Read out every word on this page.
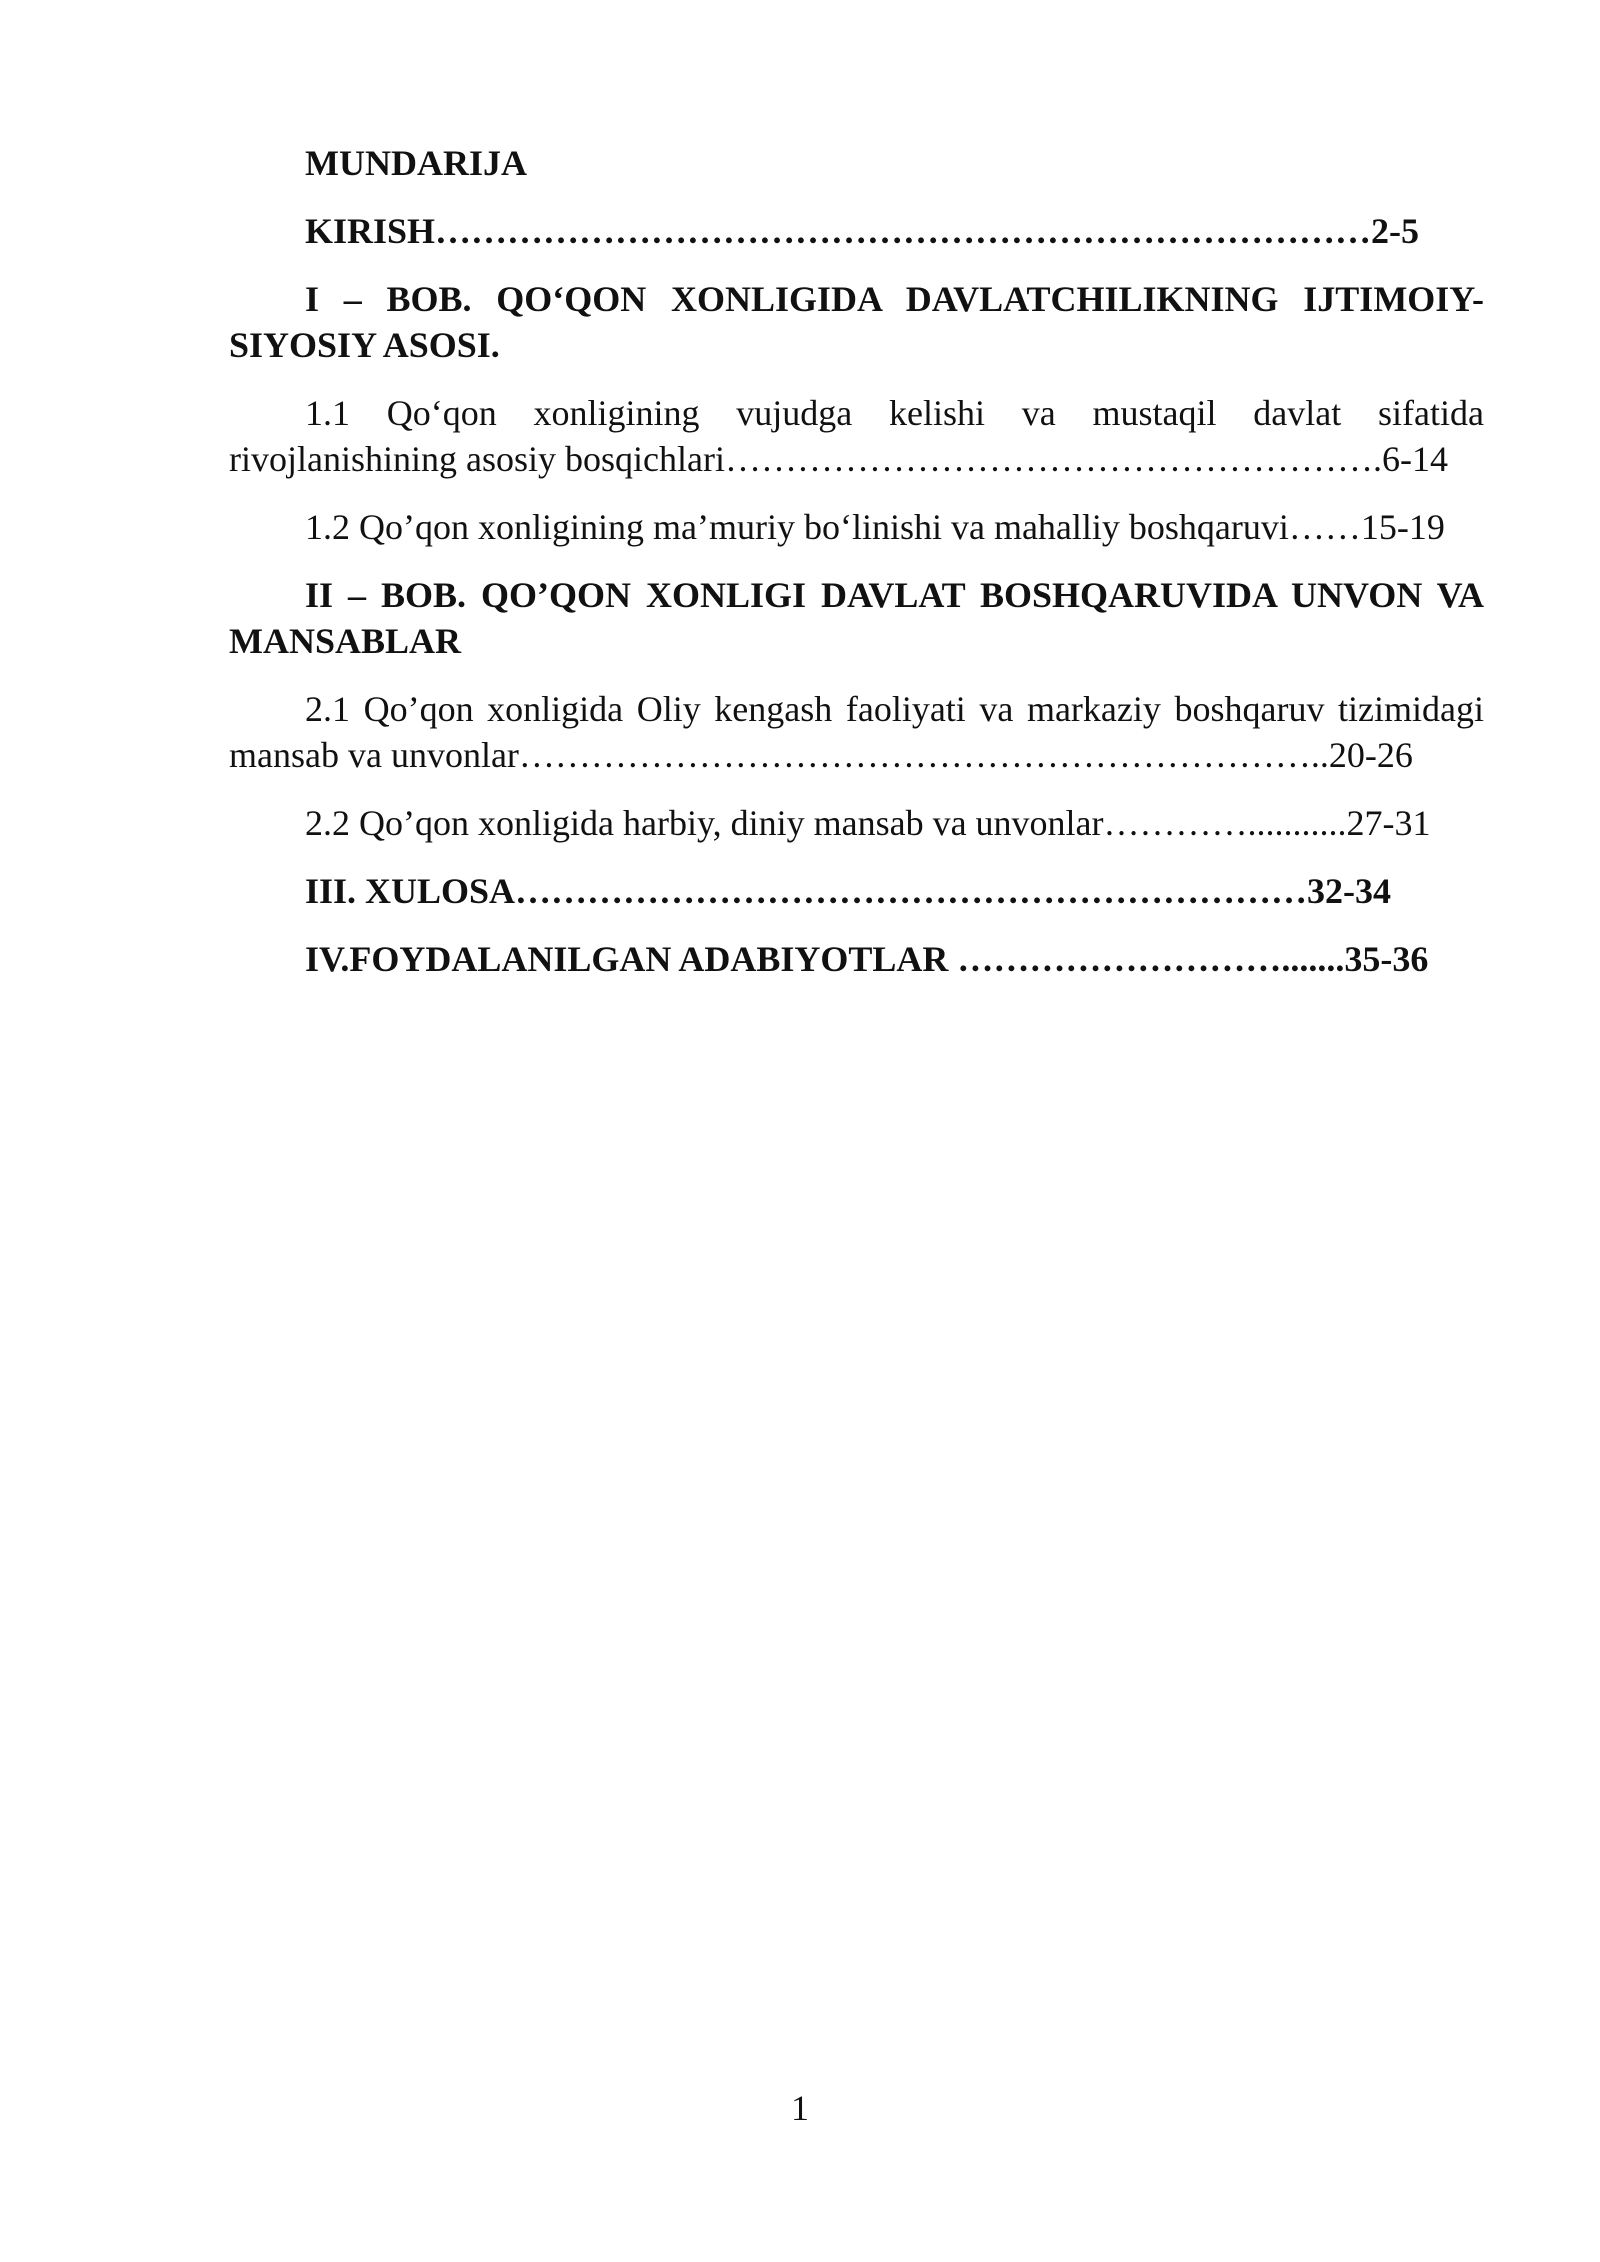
MUNDARIJA
KIRISH……………………………………………………………………2-5
I – BOB. QO‘QON XONLIGIDA DAVLATCHILIKNING IJTIMOIY-
SIYOSIY ASOSI.
1.1 Qo‘qon xonligining vujudga kelishi va mustaqil davlat sifatida
rivojlanishining asosiy bosqichlari……………………………………………….6-14
1.2 Qo’qon xonligining ma’muriy bo‘linishi va mahalliy boshqaruvi……15-19
II – BOB. QO’QON XONLIGI DAVLAT BOSHQARUVIDA UNVON VA
MANSABLAR
2.1 Qo’qon xonligida Oliy kengash faoliyati va markaziy boshqaruv tizimidagi
mansab va unvonlar…………………………………………………………..20-26
2.2 Qo’qon xonligida harbiy, diniy mansab va unvonlar…………...........27-31
III. XULOSA…………………………………………………………32-34
IV.FOYDALANILGAN ADABIYOTLAR ……………………….......35-36
1
